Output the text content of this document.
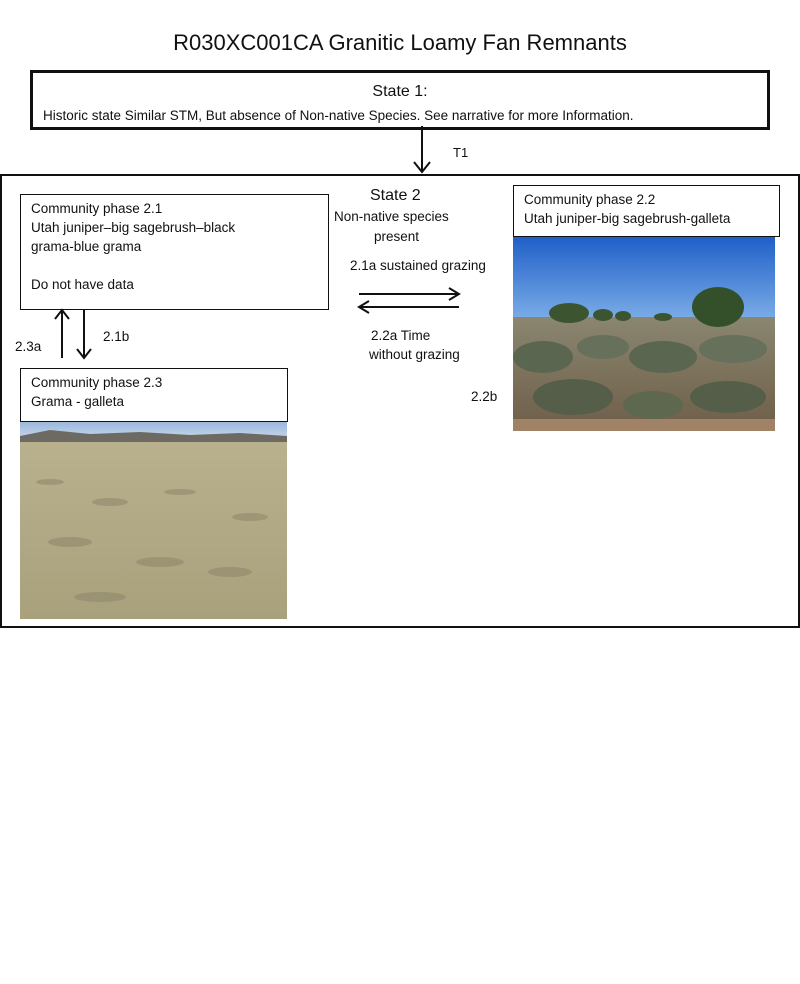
R030XC001CA Granitic Loamy Fan Remnants
State 1:
Historic state Similar STM, But absence of Non-native Species. See narrative for more Information.
T1
State 2
Non-native species
present
Community phase 2.1
Utah juniper–big sagebrush–black
grama-blue grama
Do not have data
Community phase 2.2
Utah juniper-big sagebrush-galleta
Community phase 2.3
Grama - galleta
2.1a sustained grazing
2.2a Time
without grazing
2.1b
2.3a
2.2b
